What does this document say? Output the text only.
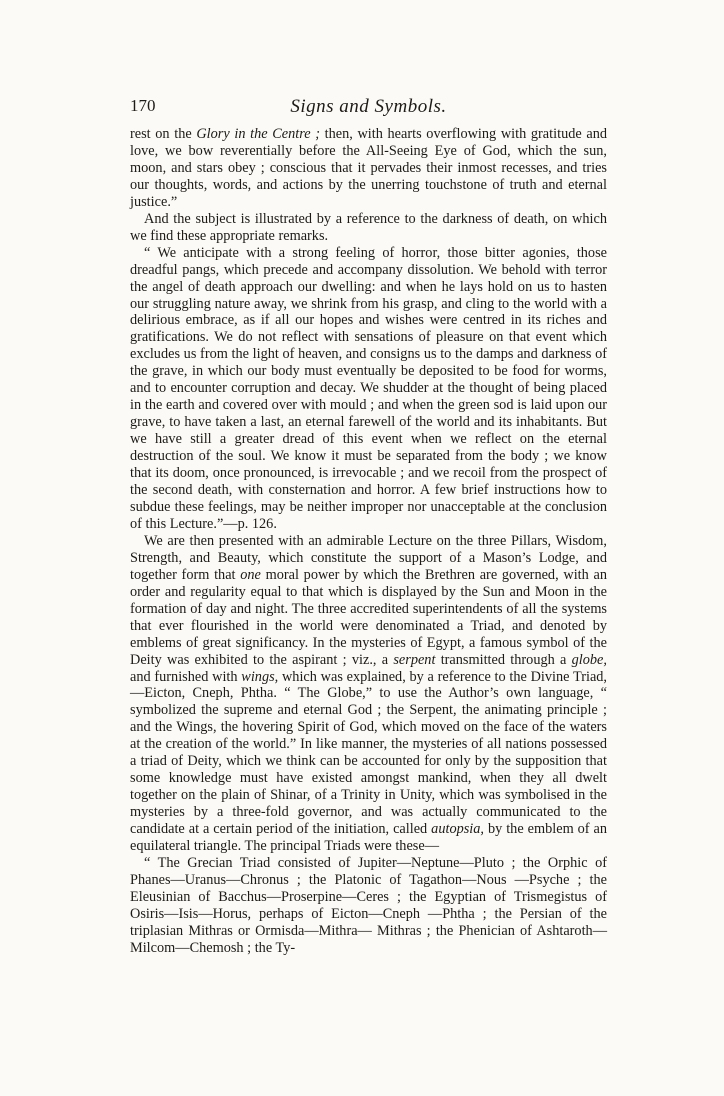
170	Signs and Symbols.

rest on the Glory in the Centre ; then, with hearts overflowing with gratitude and love, we bow reverentially before the All-Seeing Eye of God, which the sun, moon, and stars obey ; conscious that it pervades their inmost recesses, and tries our thoughts, words, and actions by the unerring touchstone of truth and eternal justice.”

And the subject is illustrated by a reference to the darkness of death, on which we find these appropriate remarks.

“ We anticipate with a strong feeling of horror, those bitter agonies, those dreadful pangs, which precede and accompany dissolution. We behold with terror the angel of death approach our dwelling: and when he lays hold on us to hasten our struggling nature away, we shrink from his grasp, and cling to the world with a delirious embrace, as if all our hopes and wishes were centred in its riches and gratifications. We do not reflect with sensations of pleasure on that event which excludes us from the light of heaven, and consigns us to the damps and darkness of the grave, in which our body must eventually be deposited to be food for worms, and to encounter corruption and decay. We shudder at the thought of being placed in the earth and covered over with mould ; and when the green sod is laid upon our grave, to have taken a last, an eternal farewell of the world and its inhabitants. But we have still a greater dread of this event when we reflect on the eternal destruction of the soul. We know it must be separated from the body ; we know that its doom, once pronounced, is irrevocable ; and we recoil from the prospect of the second death, with consternation and horror. A few brief instructions how to subdue these feelings, may be neither improper nor unacceptable at the conclusion of this Lecture.”—p. 126.

We are then presented with an admirable Lecture on the three Pillars, Wisdom, Strength, and Beauty, which constitute the support of a Mason’s Lodge, and together form that one moral power by which the Brethren are governed, with an order and regularity equal to that which is displayed by the Sun and Moon in the formation of day and night. The three accredited superintendents of all the systems that ever flourished in the world were denominated a Triad, and denoted by emblems of great significancy. In the mysteries of Egypt, a famous symbol of the Deity was exhibited to the aspirant ; viz., a serpent transmitted through a globe, and furnished with wings, which was explained, by a reference to the Divine Triad,—Eicton, Cneph, Phtha. “ The Globe,” to use the Author’s own language, “ symbolized the supreme and eternal God ; the Serpent, the animating principle ; and the Wings, the hovering Spirit of God, which moved on the face of the waters at the creation of the world.” In like manner, the mysteries of all nations possessed a triad of Deity, which we think can be accounted for only by the supposition that some knowledge must have existed amongst mankind, when they all dwelt together on the plain of Shinar, of a Trinity in Unity, which was symbolised in the mysteries by a three-fold governor, and was actually communicated to the candidate at a certain period of the initiation, called autopsia, by the emblem of an equilateral triangle. The principal Triads were these—

“ The Grecian Triad consisted of Jupiter—Neptune—Pluto ; the Orphic of Phanes—Uranus—Chronus ; the Platonic of Tagathon—Nous —Psyche ; the Eleusinian of Bacchus—Proserpine—Ceres ; the Egyptian of Trismegistus of Osiris—Isis—Horus, perhaps of Eicton—Cneph —Phtha ; the Persian of the triplasian Mithras or Ormisda—Mithra— Mithras ; the Phenician of Ashtaroth—Milcom—Chemosh ; the Ty-
